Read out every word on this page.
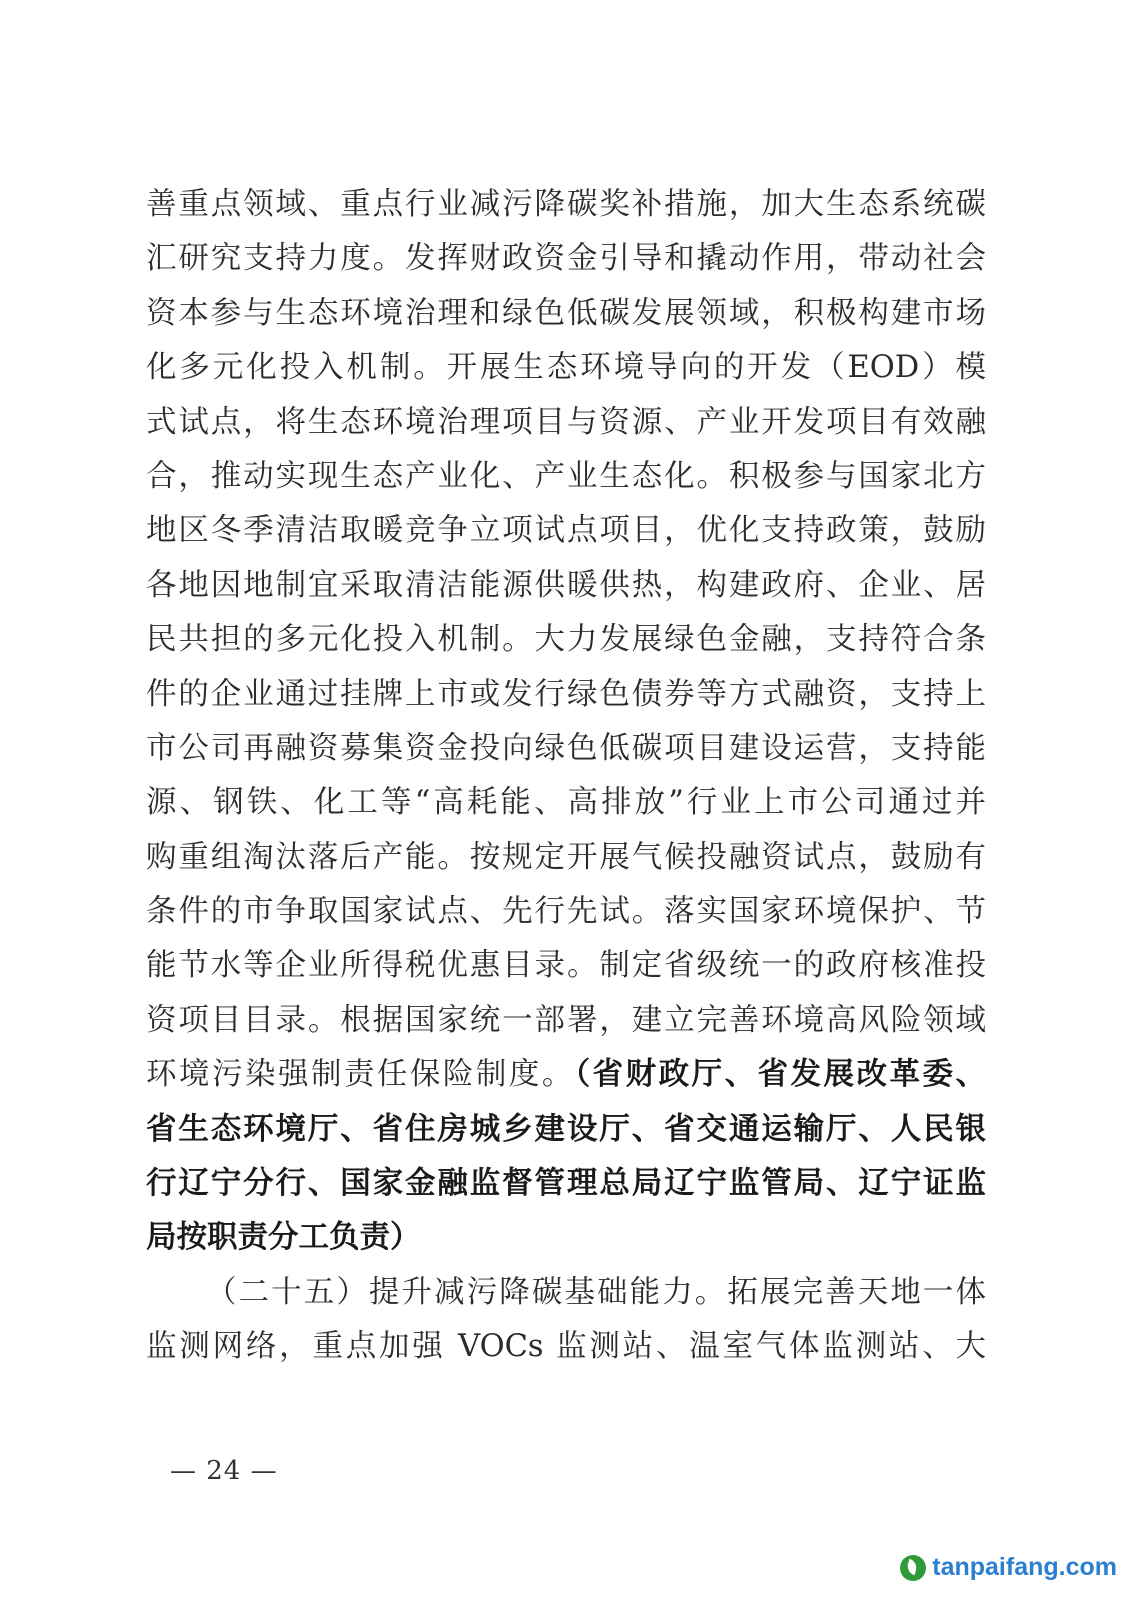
善重点领域、重点行业减污降碳奖补措施，加大生态系统碳
汇研究支持力度。发挥财政资金引导和撬动作用，带动社会
资本参与生态环境治理和绿色低碳发展领域，积极构建市场
化多元化投入机制。开展生态环境导向的开发（EOD）模
式试点，将生态环境治理项目与资源、产业开发项目有效融
合，推动实现生态产业化、产业生态化。积极参与国家北方
地区冬季清洁取暖竞争立项试点项目，优化支持政策，鼓励
各地因地制宜采取清洁能源供暖供热，构建政府、企业、居
民共担的多元化投入机制。大力发展绿色金融，支持符合条
件的企业通过挂牌上市或发行绿色债券等方式融资，支持上
市公司再融资募集资金投向绿色低碳项目建设运营，支持能
源、钢铁、化工等“高耗能、高排放”行业上市公司通过并
购重组淘汰落后产能。按规定开展气候投融资试点，鼓励有
条件的市争取国家试点、先行先试。落实国家环境保护、节
能节水等企业所得税优惠目录。制定省级统一的政府核准投
资项目目录。根据国家统一部署，建立完善环境高风险领域
环境污染强制责任保险制度。（省财政厅、省发展改革委、
省生态环境厅、省住房城乡建设厅、省交通运输厅、人民银
行辽宁分行、国家金融监督管理总局辽宁监管局、辽宁证监
局按职责分工负责）
（二十五）提升减污降碳基础能力。拓展完善天地一体
监测网络，重点加强 VOCs 监测站、温室气体监测站、大
— 24 —
tanpaifang.com
